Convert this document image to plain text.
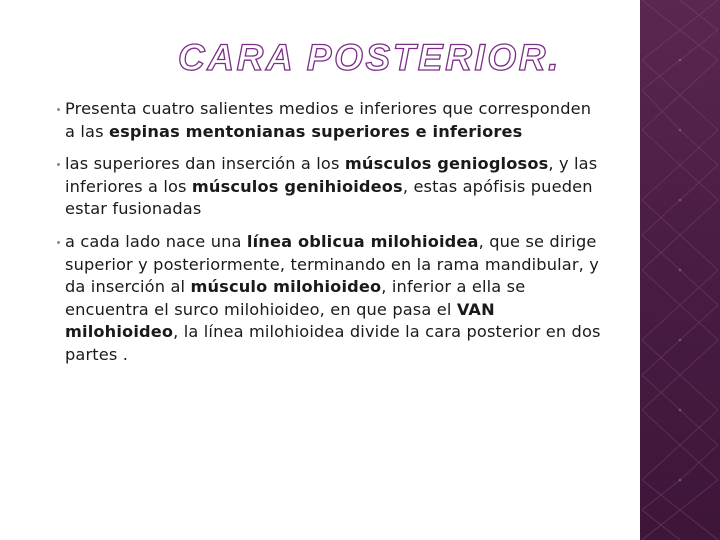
CARA POSTERIOR.
Presenta cuatro salientes medios e inferiores que corresponden a las espinas mentonianas superiores e inferiores
las superiores dan inserción a los músculos genioglosos, y las inferiores a los músculos genihioideos, estas apófisis pueden estar fusionadas
a cada lado nace una línea oblicua milohioidea, que se dirige superior y posteriormente, terminando en la rama mandibular, y da inserción al músculo milohioideo, inferior a ella se encuentra el surco milohioideo, en que pasa el VAN milohioideo, la línea milohioidea divide la cara posterior en dos partes .
